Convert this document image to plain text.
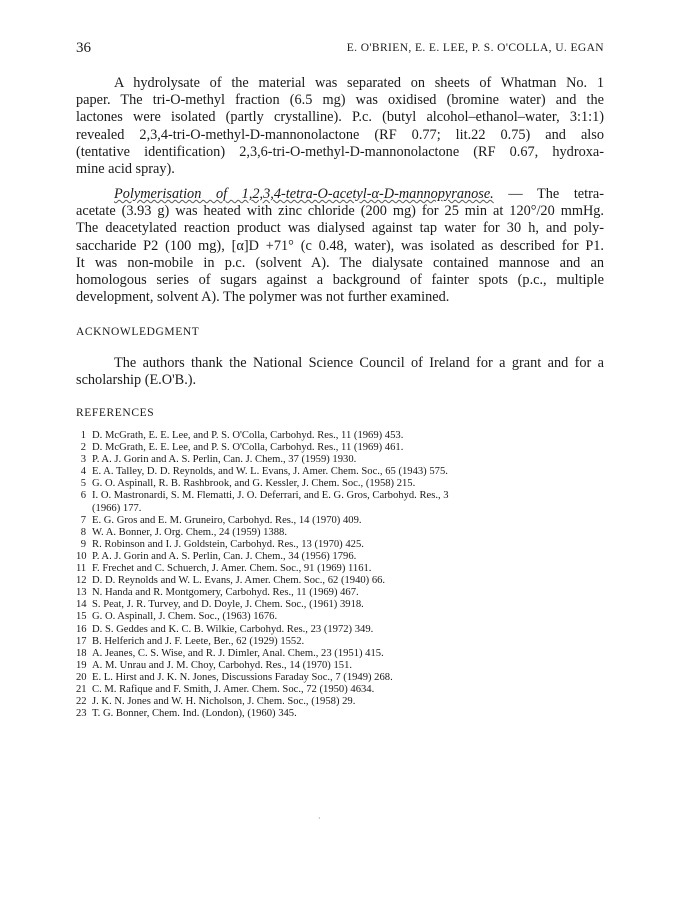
36	E. O'BRIEN, E. E. LEE, P. S. O'COLLA, U. EGAN
A hydrolysate of the material was separated on sheets of Whatman No. 1
paper. The tri-O-methyl fraction (6.5 mg) was oxidised (bromine water) and the
lactones were isolated (partly crystalline). P.c. (butyl alcohol–ethanol–water, 3:1:1)
revealed 2,3,4-tri-O-methyl-D-mannonolactone (RF 0.77; lit.22 0.75) and also
(tentative identification) 2,3,6-tri-O-methyl-D-mannonolactone (RF 0.67, hydroxa-
mine acid spray).
Polymerisation of 1,2,3,4-tetra-O-acetyl-α-D-mannopyranose. — The tetra-
acetate (3.93 g) was heated with zinc chloride (200 mg) for 25 min at 120°/20 mmHg.
The deacetylated reaction product was dialysed against tap water for 30 h, and poly-
saccharide P2 (100 mg), [α]D +71° (c 0.48, water), was isolated as described for P1.
It was non-mobile in p.c. (solvent A). The dialysate contained mannose and an
homologous series of sugars against a background of fainter spots (p.c., multiple
development, solvent A). The polymer was not further examined.
ACKNOWLEDGMENT
The authors thank the National Science Council of Ireland for a grant and for a
scholarship (E.O'B.).
REFERENCES
1 D. McGrath, E. E. Lee, and P. S. O'Colla, Carbohyd. Res., 11 (1969) 453.
2 D. McGrath, E. E. Lee, and P. S. O'Colla, Carbohyd. Res., 11 (1969) 461.
3 P. A. J. Gorin and A. S. Perlin, Can. J. Chem., 37 (1959) 1930.
4 E. A. Talley, D. D. Reynolds, and W. L. Evans, J. Amer. Chem. Soc., 65 (1943) 575.
5 G. O. Aspinall, R. B. Rashbrook, and G. Kessler, J. Chem. Soc., (1958) 215.
6 I. O. Mastronardi, S. M. Flematti, J. O. Deferrari, and E. G. Gros, Carbohyd. Res., 3
(1966) 177.
7 E. G. Gros and E. M. Gruneiro, Carbohyd. Res., 14 (1970) 409.
8 W. A. Bonner, J. Org. Chem., 24 (1959) 1388.
9 R. Robinson and I. J. Goldstein, Carbohyd. Res., 13 (1970) 425.
10 P. A. J. Gorin and A. S. Perlin, Can. J. Chem., 34 (1956) 1796.
11 F. Frechet and C. Schuerch, J. Amer. Chem. Soc., 91 (1969) 1161.
12 D. D. Reynolds and W. L. Evans, J. Amer. Chem. Soc., 62 (1940) 66.
13 N. Handa and R. Montgomery, Carbohyd. Res., 11 (1969) 467.
14 S. Peat, J. R. Turvey, and D. Doyle, J. Chem. Soc., (1961) 3918.
15 G. O. Aspinall, J. Chem. Soc., (1963) 1676.
16 D. S. Geddes and K. C. B. Wilkie, Carbohyd. Res., 23 (1972) 349.
17 B. Helferich and J. F. Leete, Ber., 62 (1929) 1552.
18 A. Jeanes, C. S. Wise, and R. J. Dimler, Anal. Chem., 23 (1951) 415.
19 A. M. Unrau and J. M. Choy, Carbohyd. Res., 14 (1970) 151.
20 E. L. Hirst and J. K. N. Jones, Discussions Faraday Soc., 7 (1949) 268.
21 C. M. Rafique and F. Smith, J. Amer. Chem. Soc., 72 (1950) 4634.
22 J. K. N. Jones and W. H. Nicholson, J. Chem. Soc., (1958) 29.
23 T. G. Bonner, Chem. Ind. (London), (1960) 345.
·
